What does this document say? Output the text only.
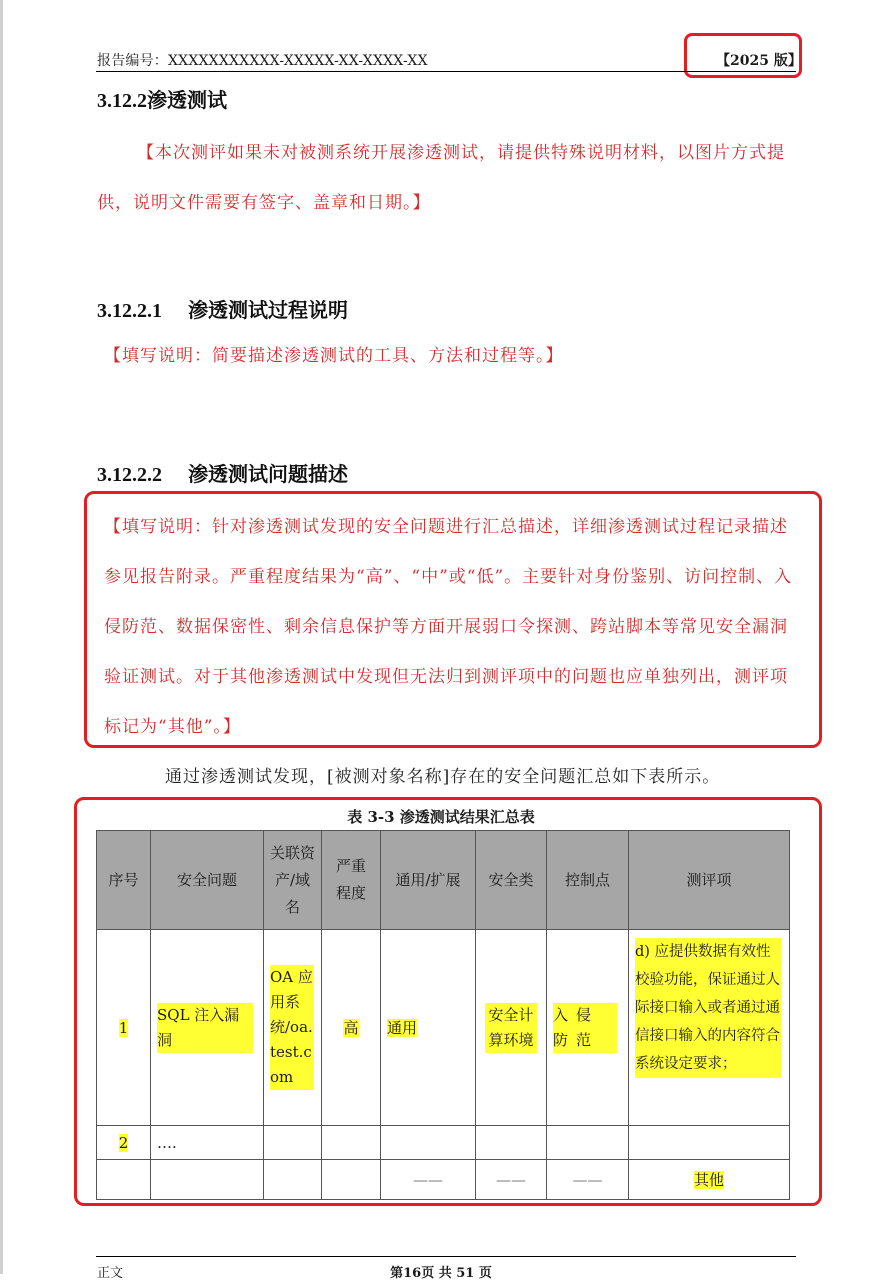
报告编号：XXXXXXXXXXX-XXXXX-XX-XXXX-XX	【2025 版】
3.12.2渗透测试
【本次测评如果未对被测系统开展渗透测试，请提供特殊说明材料，以图片方式提供，说明文件需要有签字、盖章和日期。】
3.12.2.1 渗透测试过程说明
【填写说明：简要描述渗透测试的工具、方法和过程等。】
3.12.2.2 渗透测试问题描述
【填写说明：针对渗透测试发现的安全问题进行汇总描述，详细渗透测试过程记录描述参见报告附录。严重程度结果为“高”、“中”或“低”。主要针对身份鉴别、访问控制、入侵防范、数据保密性、剩余信息保护等方面开展弱口令探测、跨站脚本等常见安全漏洞验证测试。对于其他渗透测试中发现但无法归到测评项中的问题也应单独列出，测评项标记为“其他”。】
通过渗透测试发现，[被测对象名称]存在的安全问题汇总如下表所示。
表 3-3 渗透测试结果汇总表
序号	安全问题	关联资产/域名	严重程度	通用/扩展	安全类	控制点	测评项
1	SQL 注入漏洞	OA 应用系统/oa.test.com	高	通用	安全计算环境	入侵防范	d) 应提供数据有效性校验功能，保证通过人际接口输入或者通过通信接口输入的内容符合系统设定要求；
2	….						
				——	——	——	其他
正文	第16页 共 51 页
